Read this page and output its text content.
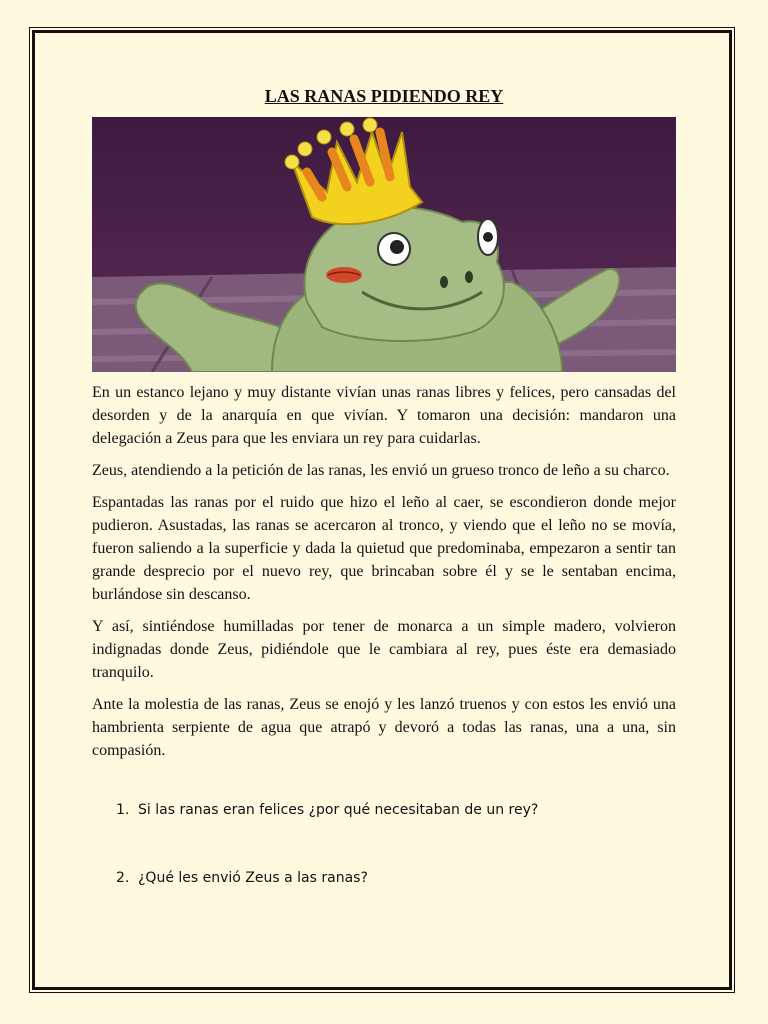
LAS RANAS PIDIENDO REY

En un estanco lejano y muy distante vivían unas ranas libres y felices, pero cansadas del desorden y de la anarquía en que vivían. Y tomaron una decisión: mandaron una delegación a Zeus para que les enviara un rey para cuidarlas.

Zeus, atendiendo a la petición de las ranas, les envió un grueso tronco de leño a su charco.

Espantadas las ranas por el ruido que hizo el leño al caer, se escondieron donde mejor pudieron. Asustadas, las ranas se acercaron al tronco, y viendo que el leño no se movía, fueron saliendo a la superficie y dada la quietud que predominaba, empezaron a sentir tan grande desprecio por el nuevo rey, que brincaban sobre él y se le sentaban encima, burlándose sin descanso.

Y así, sintiéndose humilladas por tener de monarca a un simple madero, volvieron indignadas donde Zeus, pidiéndole que le cambiara al rey, pues éste era demasiado tranquilo.

Ante la molestia de las ranas, Zeus se enojó y les lanzó truenos y con estos les envió una hambrienta serpiente de agua que atrapó y devoró a todas las ranas, una a una, sin compasión.

1. Si las ranas eran felices ¿por qué necesitaban de un rey?
2. ¿Qué les envió Zeus a las ranas?
